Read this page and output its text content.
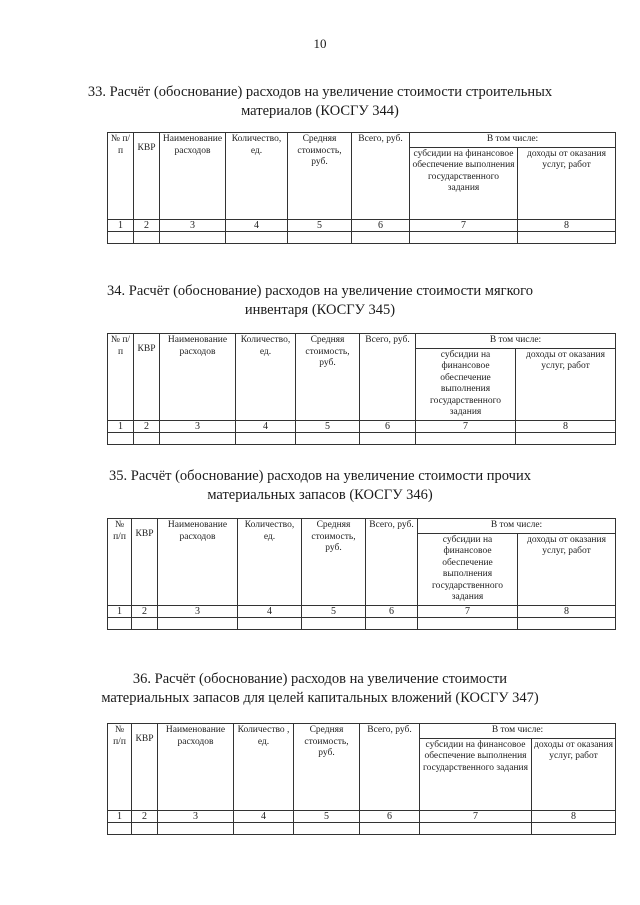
10
33. Расчёт (обоснование) расходов на увеличение стоимости строительных
материалов (КОСГУ 344)
№ п/п	КВР	Наименование расходов	Количество, ед.	Средняя стоимость, руб.	Всего, руб.	В том числе:	
						субсидии на финансовое обеспечение выполнения государственного задания	доходы от оказания услуг, работ
1	2	3	4	5	6	7	8

34. Расчёт (обоснование) расходов на увеличение стоимости мягкого
инвентаря (КОСГУ 345)
№ п/п	КВР	Наименование расходов	Количество, ед.	Средняя стоимость, руб.	Всего, руб.	В том числе:	
						субсидии на финансовое обеспечение выполнения государственного задания	доходы от оказания услуг, работ
1	2	3	4	5	6	7	8

35. Расчёт (обоснование) расходов на увеличение стоимости прочих
материальных запасов (КОСГУ 346)
№ п/п	КВР	Наименование расходов	Количество, ед.	Средняя стоимость, руб.	Всего, руб.	В том числе:	
						субсидии на финансовое обеспечение выполнения государственного задания	доходы от оказания услуг, работ
1	2	3	4	5	6	7	8

36. Расчёт (обоснование) расходов на увеличение стоимости
материальных запасов для целей капитальных вложений (КОСГУ 347)
№ п/п	КВР	Наименование расходов	Количество , ед.	Средняя стоимость, руб.	Всего, руб.	В том числе:	
						субсидии на финансовое обеспечение выполнения государственного задания	доходы от оказания услуг, работ
1	2	3	4	5	6	7	8
